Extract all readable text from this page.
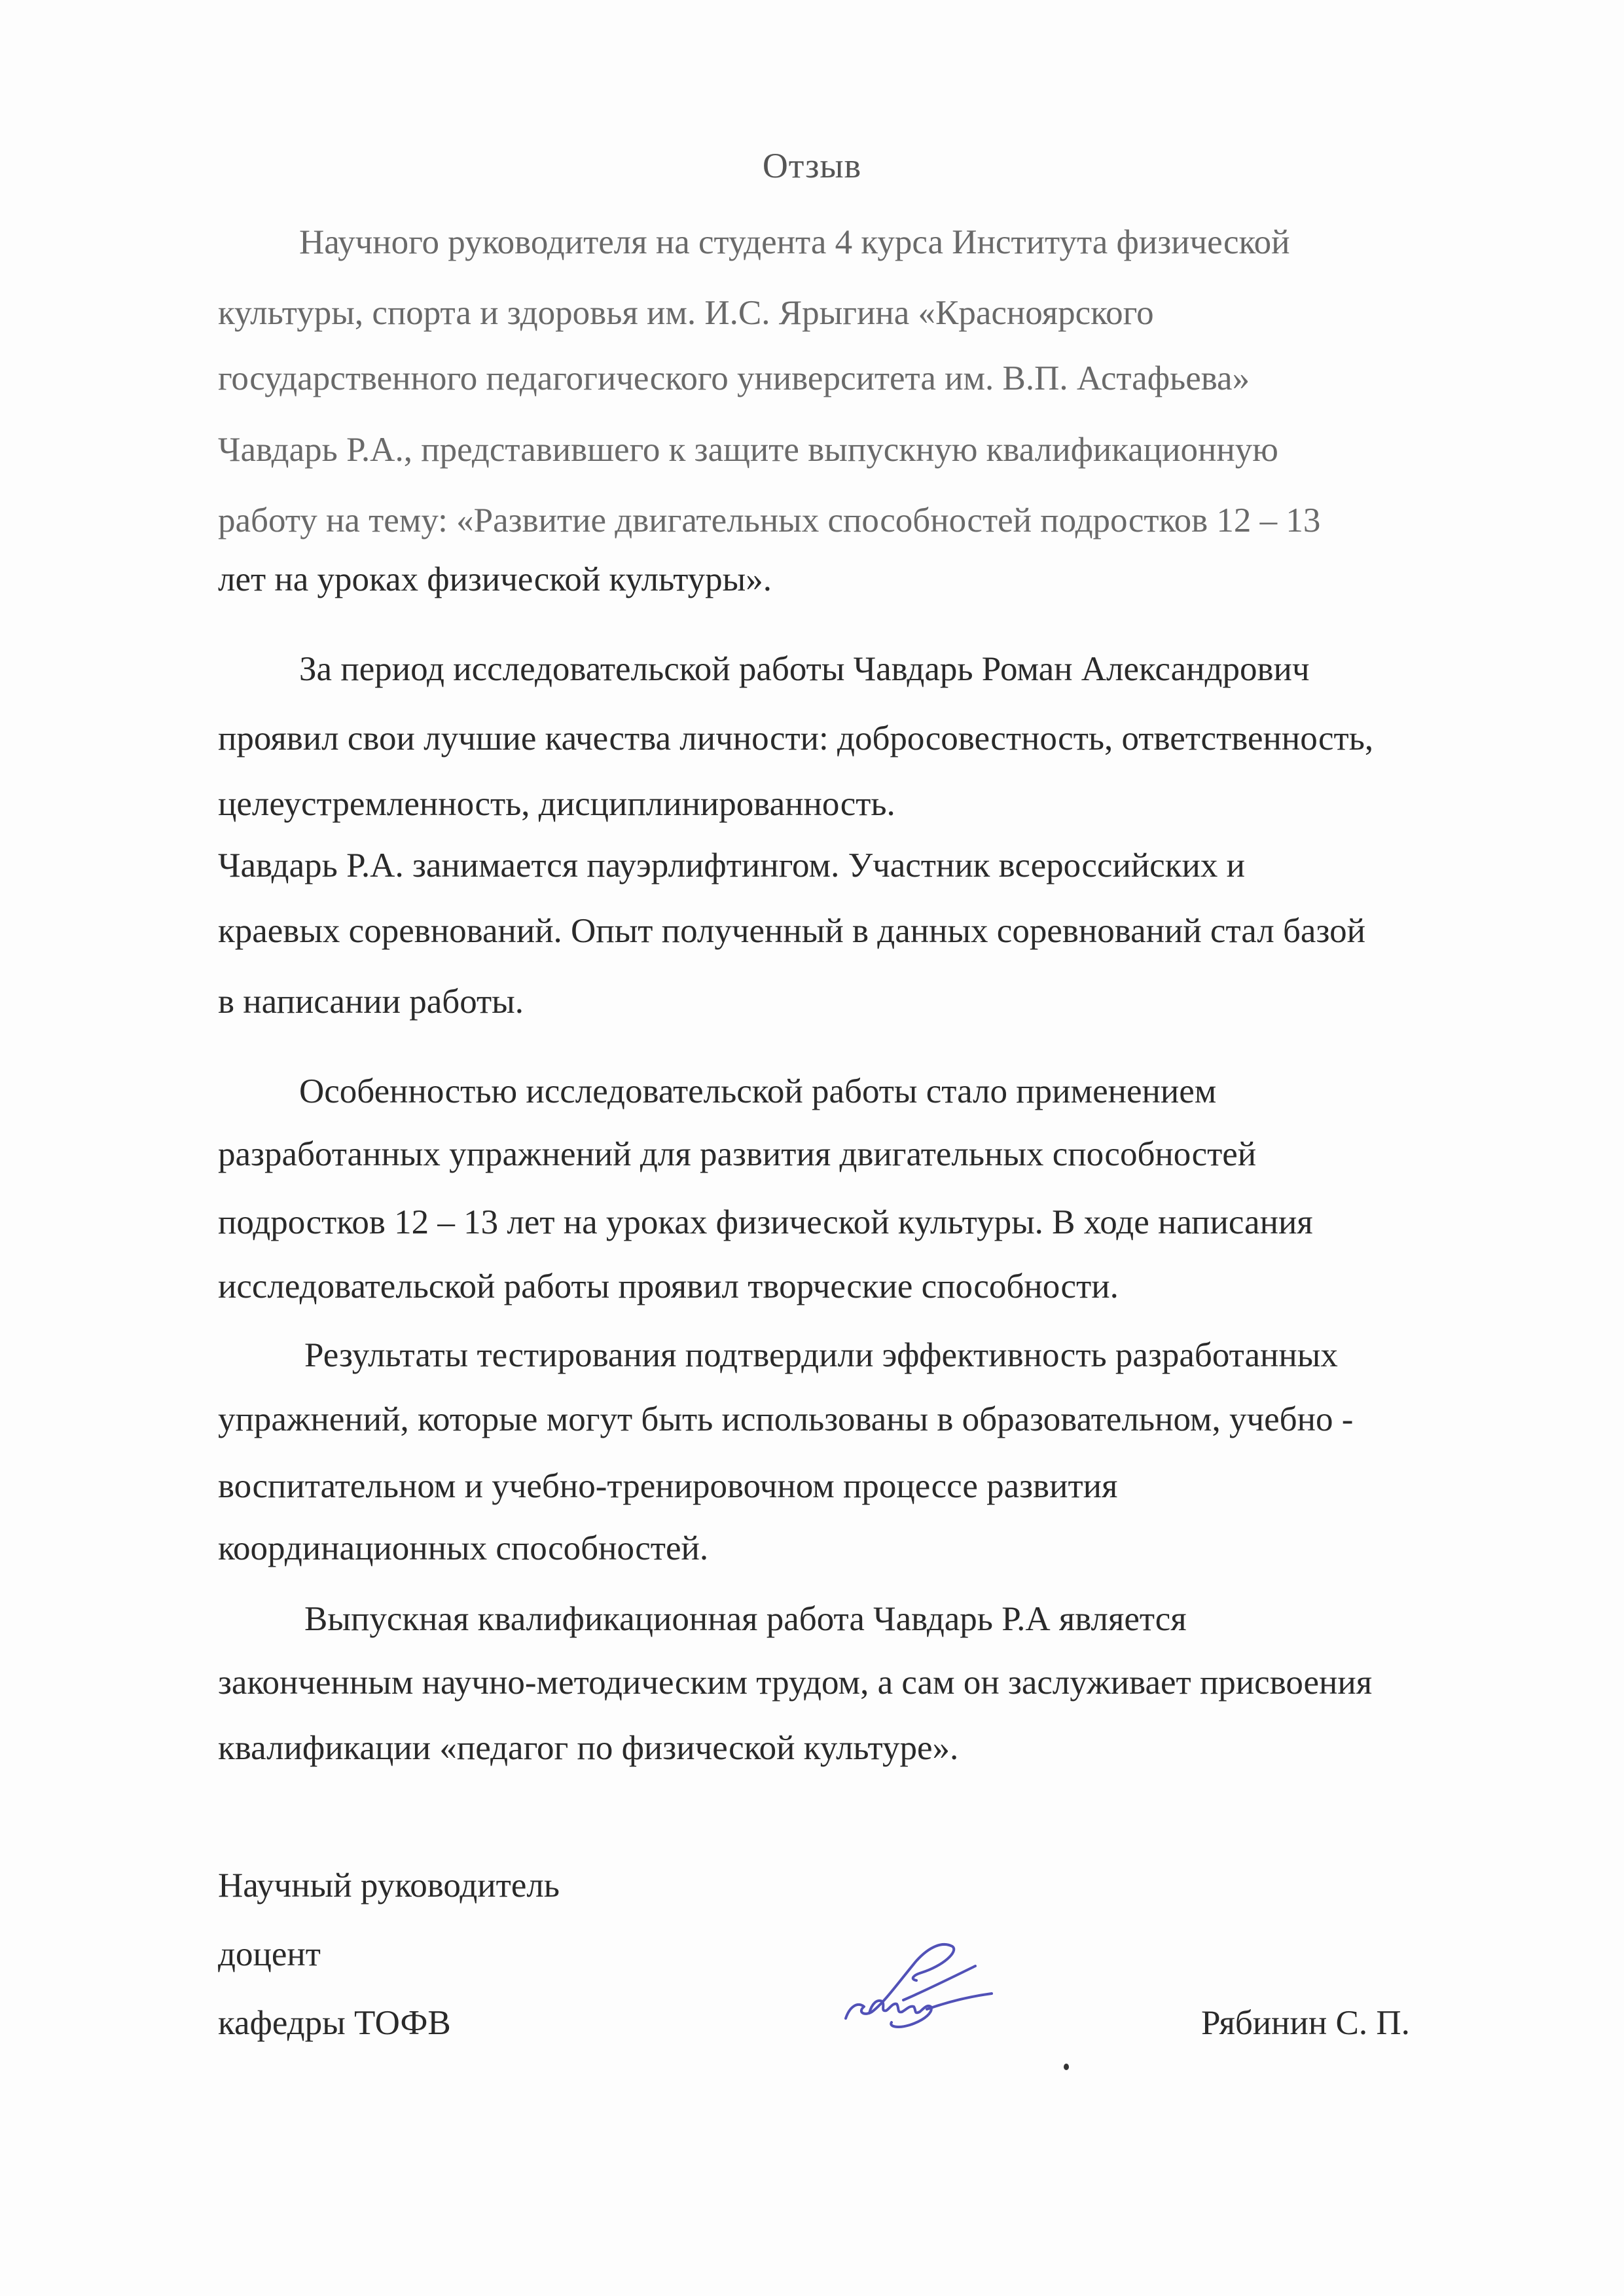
Отзыв
Научного руководителя на студента 4 курса Института физической
культуры, спорта и здоровья им. И.С. Ярыгина «Красноярского
государственного педагогического университета им. В.П. Астафьева»
Чавдарь Р.А., представившего к защите выпускную квалификационную
работу на тему: «Развитие двигательных способностей подростков 12 – 13
лет на уроках физической культуры».
За период исследовательской работы Чавдарь Роман Александрович
проявил свои лучшие качества личности: добросовестность, ответственность,
целеустремленность, дисциплинированность.
Чавдарь Р.А. занимается пауэрлифтингом. Участник всероссийских и
краевых соревнований. Опыт полученный в данных соревнований стал базой
в написании работы.
Особенностью исследовательской работы стало применением
разработанных упражнений для развития двигательных способностей
подростков 12 – 13 лет на уроках физической культуры. В ходе написания
исследовательской работы проявил творческие способности.
Результаты тестирования подтвердили эффективность разработанных
упражнений, которые могут быть использованы в образовательном, учебно -
воспитательном и учебно-тренировочном процессе развития
координационных способностей.
Выпускная квалификационная работа Чавдарь Р.А является
законченным научно-методическим трудом, а сам он заслуживает присвоения
квалификации «педагог по физической культуре».
Научный руководитель
доцент
кафедры ТОФВ	Рябинин С. П.
